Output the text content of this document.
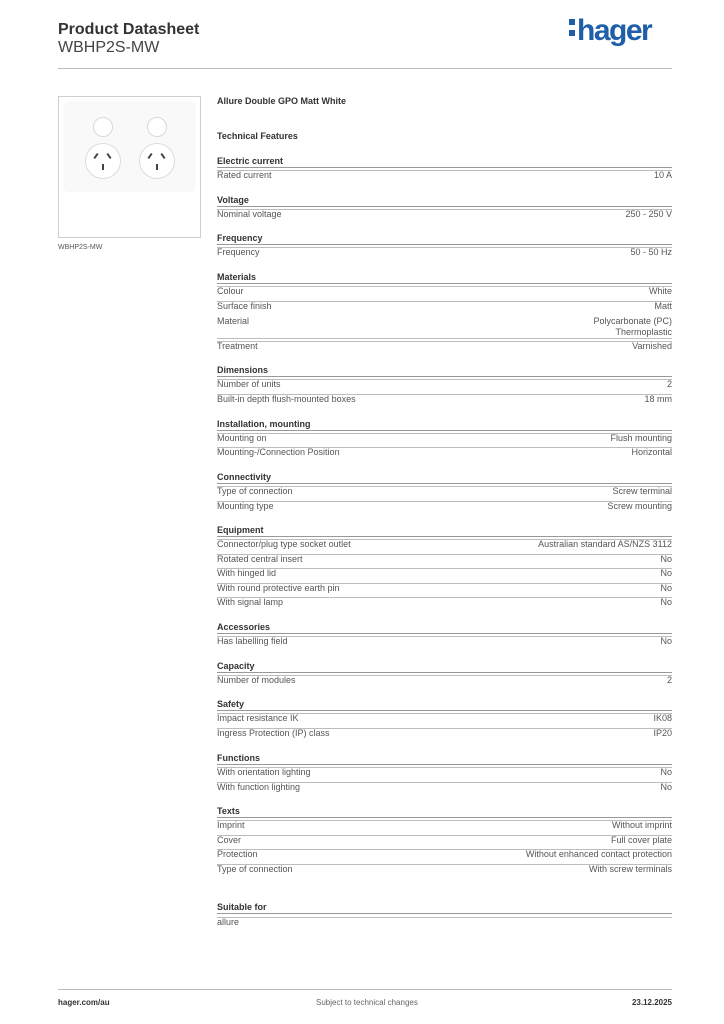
Product Datasheet
WBHP2S-MW
hager
WBHP2S-MW
Allure Double GPO Matt White
Technical Features
Electric current
Rated current	10 A
Voltage
Nominal voltage	250 - 250 V
Frequency
Frequency	50 - 50 Hz
Materials
Colour	White
Surface finish	Matt
Material	Polycarbonate (PC)
Thermoplastic
Treatment	Varnished
Dimensions
Number of units	2
Built-in depth flush-mounted boxes	18 mm
Installation, mounting
Mounting on	Flush mounting
Mounting-/Connection Position	Horizontal
Connectivity
Type of connection	Screw terminal
Mounting type	Screw mounting
Equipment
Connector/plug type socket outlet	Australian standard AS/NZS 3112
Rotated central insert	No
With hinged lid	No
With round protective earth pin	No
With signal lamp	No
Accessories
Has labelling field	No
Capacity
Number of modules	2
Safety
Impact resistance IK	IK08
Ingress Protection (IP) class	IP20
Functions
With orientation lighting	No
With function lighting	No
Texts
Imprint	Without imprint
Cover	Full cover plate
Protection	Without enhanced contact protection
Type of connection	With screw terminals
Suitable for
allure
hager.com/au	Subject to technical changes	23.12.2025
